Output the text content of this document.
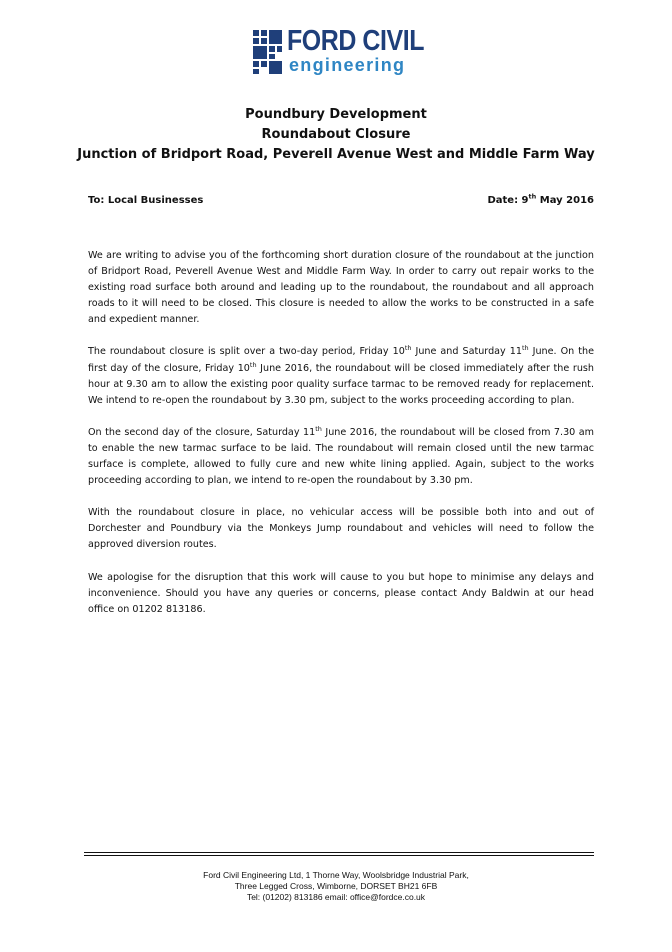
FORD CIVIL
engineering
Poundbury Development
Roundabout Closure
Junction of Bridport Road, Peverell Avenue West and Middle Farm Way
To: Local Businesses	Date: 9th May 2016

We are writing to advise you of the forthcoming short duration closure of the roundabout at the junction of Bridport Road, Peverell Avenue West and Middle Farm Way. In order to carry out repair works to the existing road surface both around and leading up to the roundabout, the roundabout and all approach roads to it will need to be closed. This closure is needed to allow the works to be constructed in a safe and expedient manner.

The roundabout closure is split over a two-day period, Friday 10th June and Saturday 11th June. On the first day of the closure, Friday 10th June 2016, the roundabout will be closed immediately after the rush hour at 9.30 am to allow the existing poor quality surface tarmac to be removed ready for replacement. We intend to re-open the roundabout by 3.30 pm, subject to the works proceeding according to plan.

On the second day of the closure, Saturday 11th June 2016, the roundabout will be closed from 7.30 am to enable the new tarmac surface to be laid. The roundabout will remain closed until the new tarmac surface is complete, allowed to fully cure and new white lining applied. Again, subject to the works proceeding according to plan, we intend to re-open the roundabout by 3.30 pm.

With the roundabout closure in place, no vehicular access will be possible both into and out of Dorchester and Poundbury via the Monkeys Jump roundabout and vehicles will need to follow the approved diversion routes.

We apologise for the disruption that this work will cause to you but hope to minimise any delays and inconvenience. Should you have any queries or concerns, please contact Andy Baldwin at our head office on 01202 813186.

Ford Civil Engineering Ltd, 1 Thorne Way, Woolsbridge Industrial Park,
Three Legged Cross, Wimborne, DORSET BH21 6FB
Tel: (01202) 813186 email: office@fordce.co.uk
